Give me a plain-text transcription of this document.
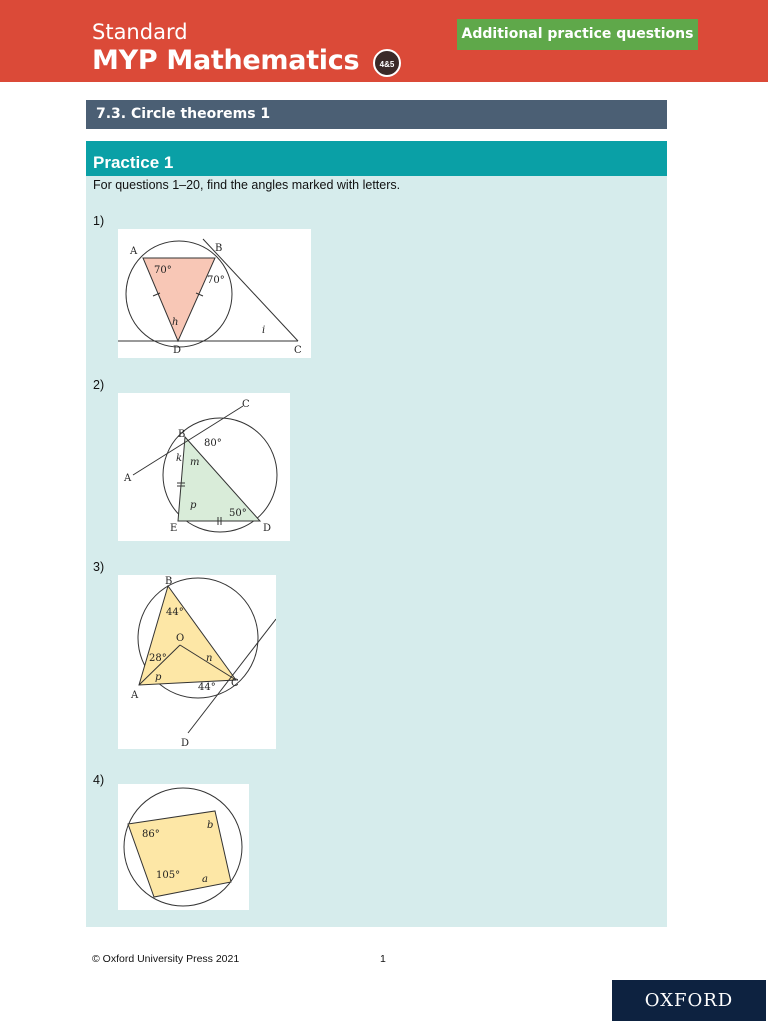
Standard
MYP Mathematics	4&5
Additional practice questions
7.3. Circle theorems 1
Practice 1
For questions 1–20, find the angles marked with letters.
1)
2)
3)
4)
A	B
C
D
70°
70°
h
i
B
C
A
D
E
80°
50°
k m
p
B
A
C
D
O
44°
28°
44°
n
p
86°
105° a
b
© Oxford University Press 2021	1
OXFORD
